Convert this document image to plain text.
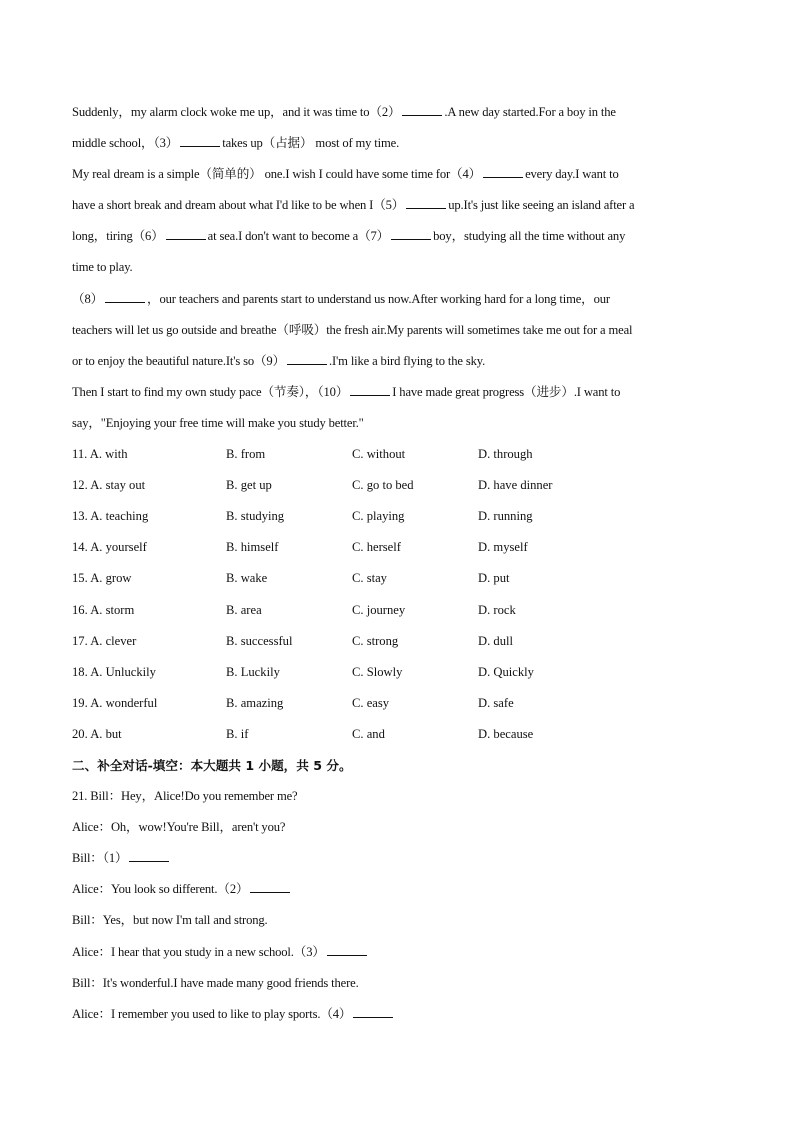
Suddenly，my alarm clock woke me up，and it was time to（2）	.A new day started.For a boy in the
middle school，（3）	takes up（占据） most of my time.
My real dream is a simple（简单的） one.I wish I could have some time for（4）	every day.I want to
have a short break and dream about what I'd like to be when I（5）	up.It's just like seeing an island after a
long，tiring（6）	at sea.I don't want to become a（7）	boy，studying all the time without any
time to play.
（8）	，our teachers and parents start to understand us now.After working hard for a long time，our
teachers will let us go outside and breathe（呼吸）the fresh air.My parents will sometimes take me out for a meal
or to enjoy the beautiful nature.It's so（9）	.I'm like a bird flying to the sky.
Then I start to find my own study pace（节奏），（10）	I have made great progress（进步）.I want to
say，"Enjoying your free time will make you study better."
11. A. with	B. from	C. without	D. through
12. A. stay out	B. get up	C. go to bed	D. have dinner
13. A. teaching	B. studying	C. playing	D. running
14. A. yourself	B. himself	C. herself	D. myself
15. A. grow	B. wake	C. stay	D. put
16. A. storm	B. area	C. journey	D. rock
17. A. clever	B. successful	C. strong	D. dull
18. A. Unluckily	B. Luckily	C. Slowly	D. Quickly
19. A. wonderful	B. amazing	C. easy	D. safe
20. A. but	B. if	C. and	D. because
二、补全对话-填空：本大题共 1 小题，共 5 分。
21. Bill：Hey，Alice!Do you remember me?
Alice：Oh，wow!You're Bill，aren't you?
Bill：（1）
Alice：You look so different.（2）
Bill：Yes，but now I'm tall and strong.
Alice：I hear that you study in a new school.（3）
Bill：It's wonderful.I have made many good friends there.
Alice：I remember you used to like to play sports.（4）
